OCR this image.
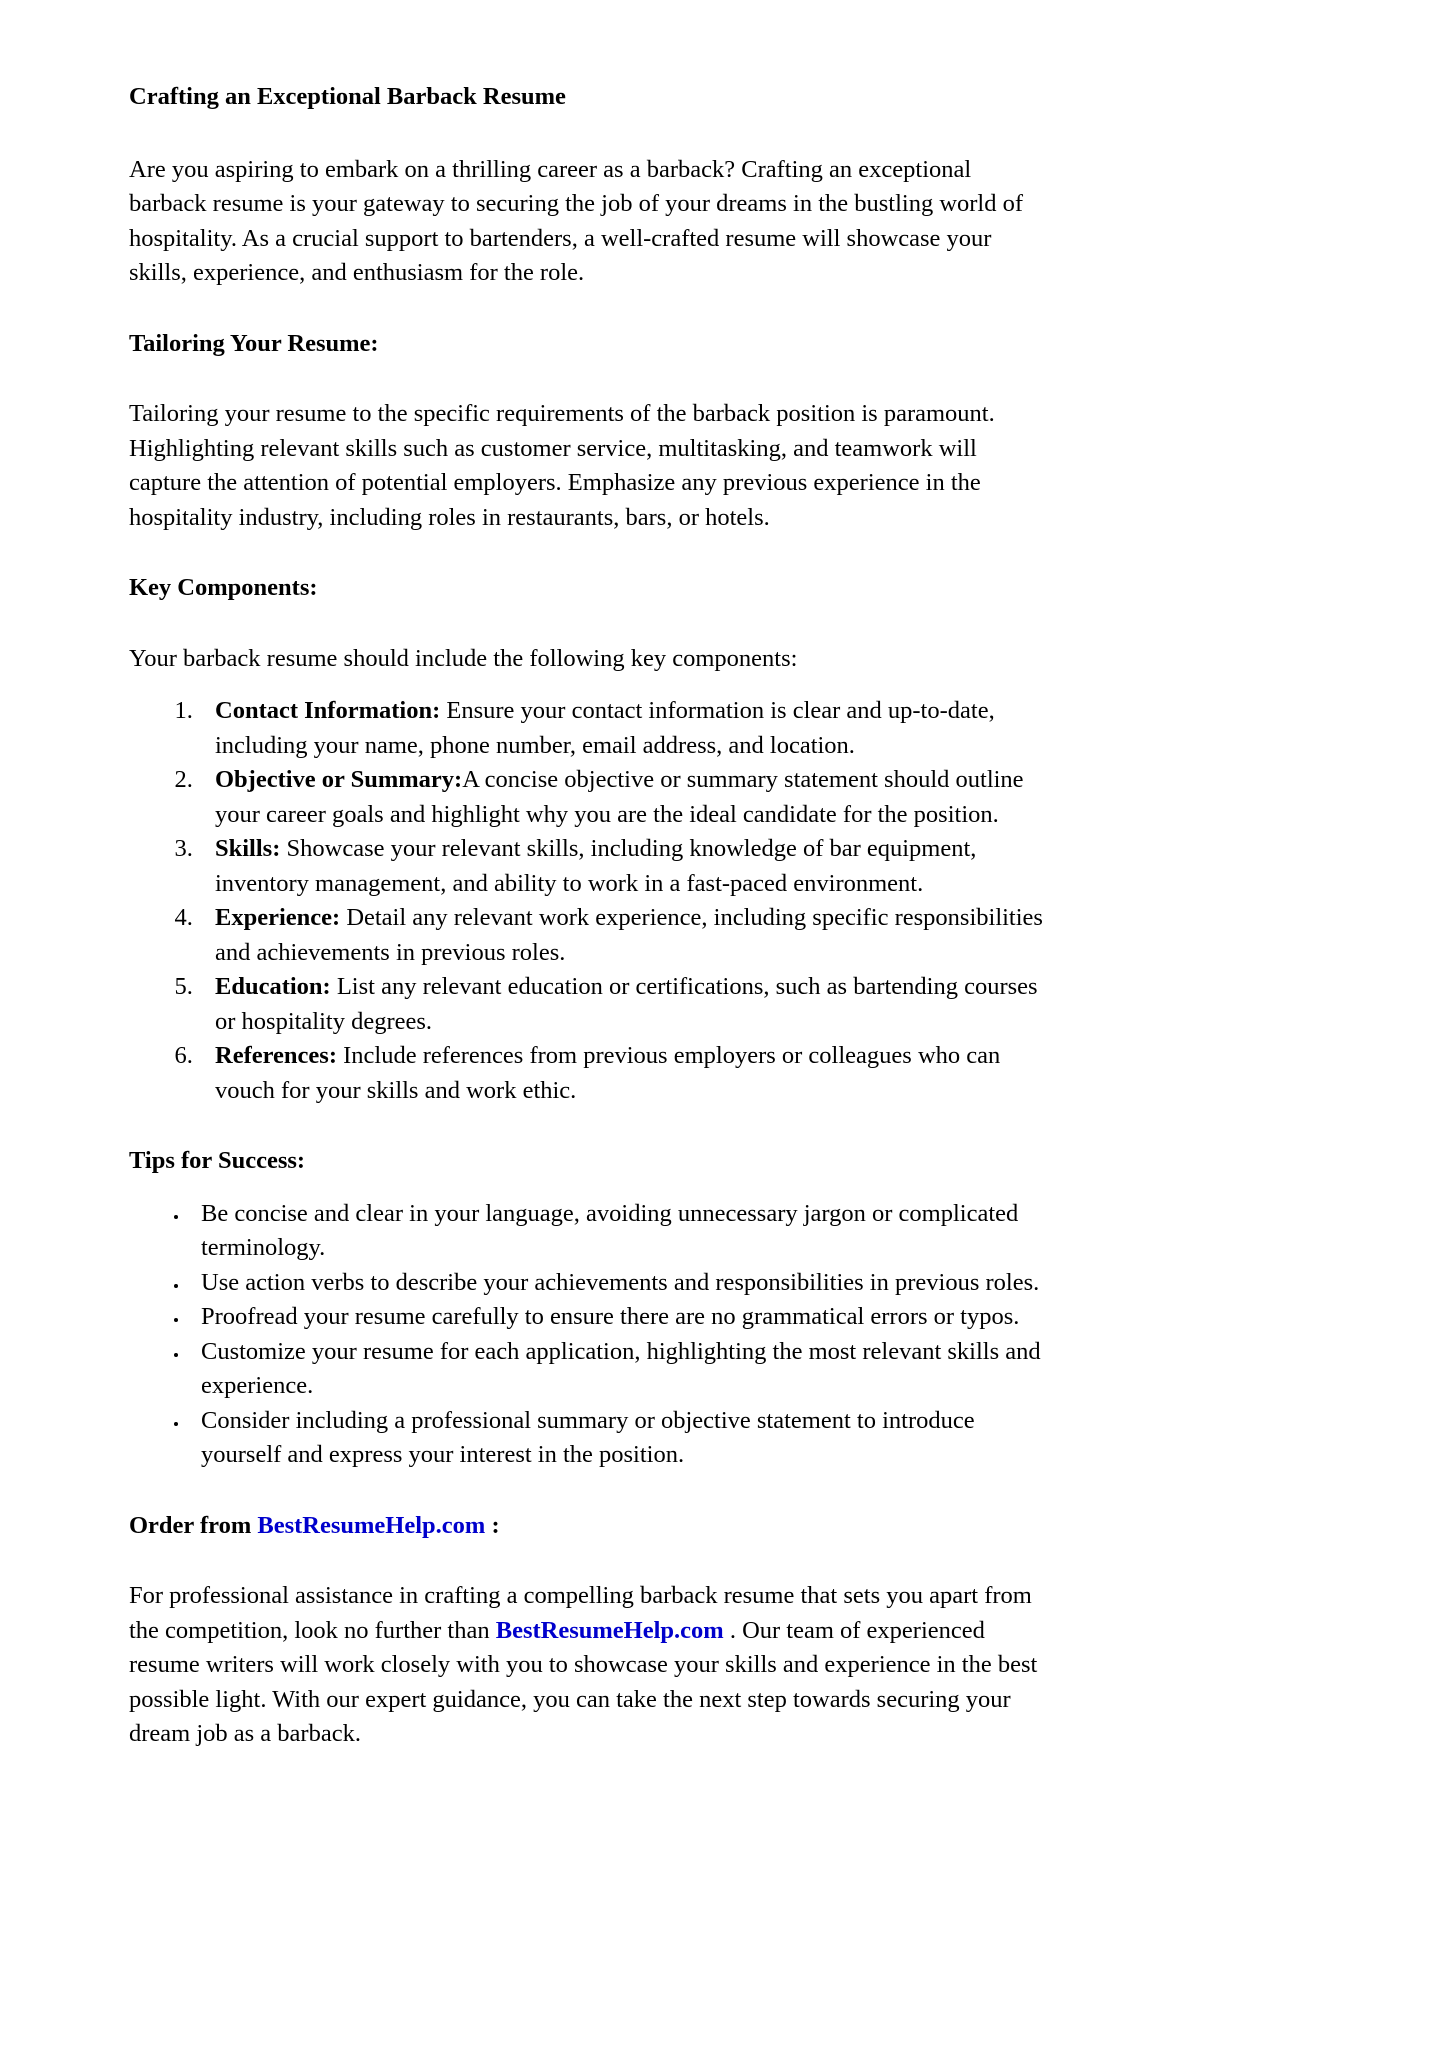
Crafting an Exceptional Barback Resume

Are you aspiring to embark on a thrilling career as a barback? Crafting an exceptional barback resume is your gateway to securing the job of your dreams in the bustling world of hospitality. As a crucial support to bartenders, a well-crafted resume will showcase your skills, experience, and enthusiasm for the role.

Tailoring Your Resume:

Tailoring your resume to the specific requirements of the barback position is paramount. Highlighting relevant skills such as customer service, multitasking, and teamwork will capture the attention of potential employers. Emphasize any previous experience in the hospitality industry, including roles in restaurants, bars, or hotels.

Key Components:

Your barback resume should include the following key components:

1. Contact Information: Ensure your contact information is clear and up-to-date, including your name, phone number, email address, and location.
2. Objective or Summary:A concise objective or summary statement should outline your career goals and highlight why you are the ideal candidate for the position.
3. Skills: Showcase your relevant skills, including knowledge of bar equipment, inventory management, and ability to work in a fast-paced environment.
4. Experience: Detail any relevant work experience, including specific responsibilities and achievements in previous roles.
5. Education: List any relevant education or certifications, such as bartending courses or hospitality degrees.
6. References: Include references from previous employers or colleagues who can vouch for your skills and work ethic.
Tips for Success:
• Be concise and clear in your language, avoiding unnecessary jargon or complicated terminology.
• Use action verbs to describe your achievements and responsibilities in previous roles.
• Proofread your resume carefully to ensure there are no grammatical errors or typos.
• Customize your resume for each application, highlighting the most relevant skills and experience.
• Consider including a professional summary or objective statement to introduce yourself and express your interest in the position.
Order from BestResumeHelp.com :

For professional assistance in crafting a compelling barback resume that sets you apart from the competition, look no further than BestResumeHelp.com . Our team of experienced resume writers will work closely with you to showcase your skills and experience in the best possible light. With our expert guidance, you can take the next step towards securing your dream job as a barback.
